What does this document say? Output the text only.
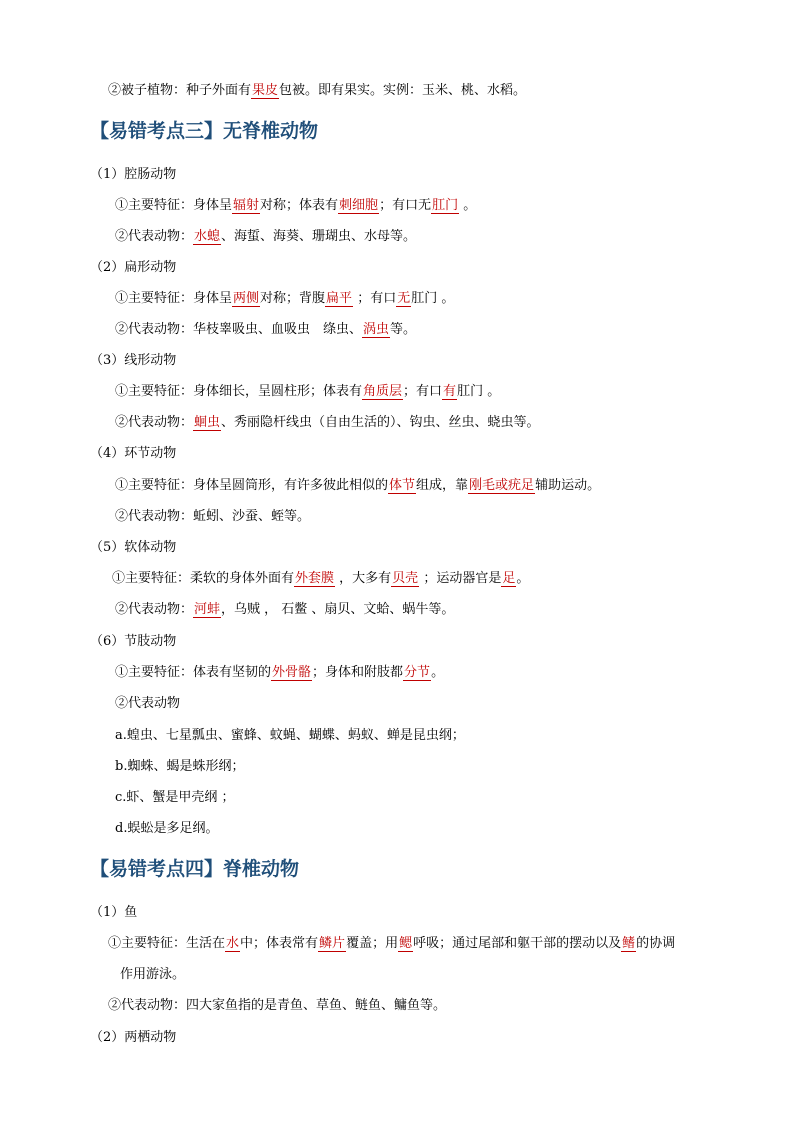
②被子植物：种子外面有果皮包被。即有果实。实例：玉米、桃、水稻。
【易错考点三】无脊椎动物
（1）腔肠动物
①主要特征：身体呈辐射对称；体表有刺细胞；有口无肛门 。
②代表动物：水螅、海蜇、海葵、珊瑚虫、水母等。
（2）扁形动物
①主要特征：身体呈两侧对称；背腹扁平 ；有口无肛门 。
②代表动物：华枝睾吸虫、血吸虫　绦虫、涡虫等。
（3）线形动物
①主要特征：身体细长，呈圆柱形；体表有角质层；有口有肛门 。
②代表动物：蛔虫、秀丽隐杆线虫（自由生活的）、钩虫、丝虫、蛲虫等。
（4）环节动物
①主要特征：身体呈圆筒形，有许多彼此相似的体节组成，靠刚毛或疣足辅助运动。
②代表动物：蚯蚓、沙蚕、蛭等。
（5）软体动物
①主要特征：柔软的身体外面有外套膜 ，大多有贝壳 ；运动器官是足。
②代表动物：河蚌，乌贼 ， 石鳖 、扇贝、文蛤、蜗牛等。
（6）节肢动物
①主要特征：体表有坚韧的外骨骼；身体和附肢都分节。
②代表动物
a.蝗虫、七星瓢虫、蜜蜂、蚊蝇、蝴蝶、蚂蚁、蝉是昆虫纲；
b.蜘蛛、蝎是蛛形纲；
c.虾、蟹是甲壳纲 ；
d.蜈蚣是多足纲。
【易错考点四】脊椎动物
（1）鱼
①主要特征：生活在水中；体表常有鳞片覆盖；用鳃呼吸；通过尾部和躯干部的摆动以及鳍的协调
作用游泳。
②代表动物：四大家鱼指的是青鱼、草鱼、鲢鱼、鳙鱼等。
（2）两栖动物
